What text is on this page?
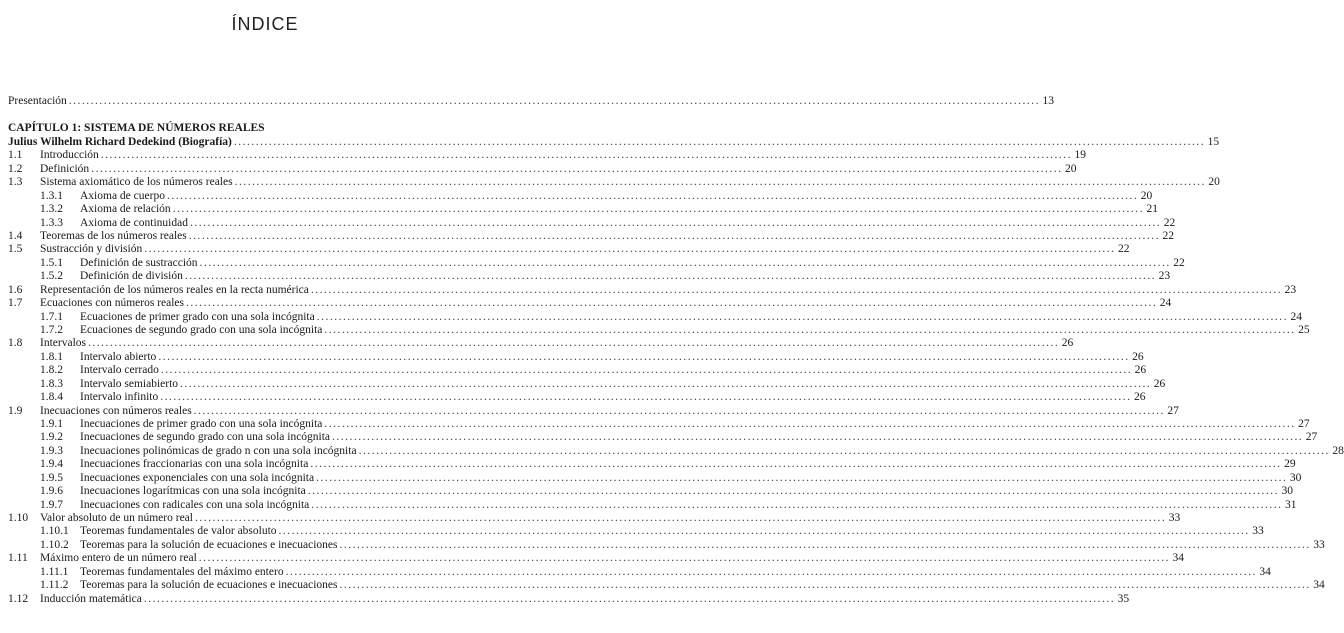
ÍNDICE
Presentación .....	13
CAPÍTULO 1: SISTEMA DE NÚMEROS REALES
Julius Wilhelm Richard Dedekind (Biografía) .....	15
1.1 Introducción .....	19
1.2 Definición .....	20
1.3 Sistema axiomático de los números reales .....	20
1.3.1 Axioma de cuerpo .....	20
1.3.2 Axioma de relación .....	21
1.3.3 Axioma de continuidad .....	22
1.4 Teoremas de los números reales .....	22
1.5 Sustracción y división .....	22
1.5.1 Definición de sustracción .....	22
1.5.2 Definición de división .....	23
1.6 Representación de los números reales en la recta numérica .....	23
1.7 Ecuaciones con números reales .....	24
1.7.1 Ecuaciones de primer grado con una sola incógnita .....	24
1.7.2 Ecuaciones de segundo grado con una sola incógnita .....	25
1.8 Intervalos .....	26
1.8.1 Intervalo abierto .....	26
1.8.2 Intervalo cerrado .....	26
1.8.3 Intervalo semiabierto .....	26
1.8.4 Intervalo infinito .....	26
1.9 Inecuaciones con números reales .....	27
1.9.1 Inecuaciones de primer grado con una sola incógnita .....	27
1.9.2 Inecuaciones de segundo grado con una sola incógnita .....	27
1.9.3 Inecuaciones polinómicas de grado n con una sola incógnita .....	28
1.9.4 Inecuaciones fraccionarias con una sola incógnita .....	29
1.9.5 Inecuaciones exponenciales con una sola incógnita .....	30
1.9.6 Inecuaciones logarítmicas con una sola incógnita .....	30
1.9.7 Inecuaciones con radicales con una sola incógnita .....	31
1.10 Valor absoluto de un número real .....	33
1.10.1 Teoremas fundamentales de valor absoluto .....	33
1.10.2 Teoremas para la solución de ecuaciones e inecuaciones .....	33
1.11 Máximo entero de un número real .....	34
1.11.1 Teoremas fundamentales del máximo entero .....	34
1.11.2 Teoremas para la solución de ecuaciones e inecuaciones .....	34
1.12 Inducción matemática .....	35
